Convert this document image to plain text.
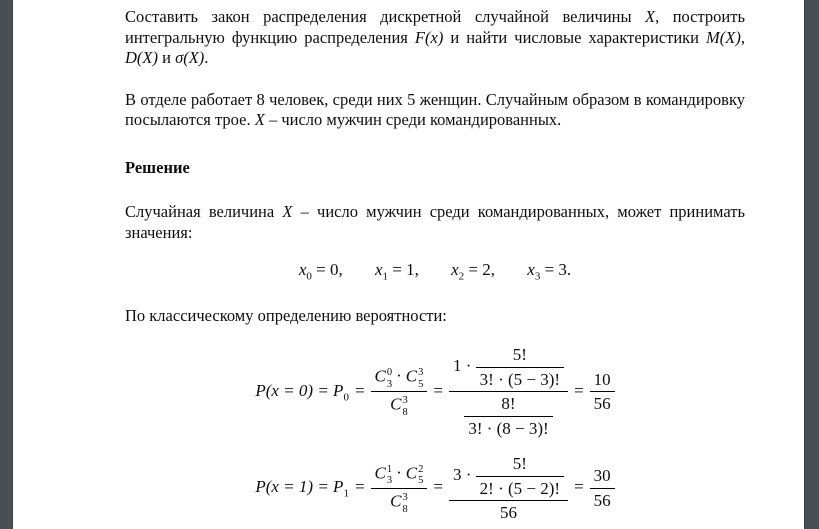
Составить закон распределения дискретной случайной величины X, построить интегральную функцию распределения F(x) и найти числовые характеристики M(X), D(X) и σ(X).

В отделе работает 8 человек, среди них 5 женщин. Случайным образом в командировку посылаются трое. X – число мужчин среди командированных.

Решение

Случайная величина X – число мужчин среди командированных, может принимать значения:

$x_0 = 0$, $x_1 = 1$, $x_2 = 2$, $x_3 = 3$.

По классическому определению вероятности:

$P(x = 0) = P_0 = C$ 0
3 · C 3
5
C 3
$8 = \frac{1 \cdot \frac{5!}{3! \cdot (5 - 3)!}}{\frac{8!}{3! \cdot (8 - 3)!}} = \frac{10}{56}$
$P(x = 1) = P_1 = C$ 1
3 · C 2
5
C 3
$8 = \frac{3 \cdot \frac{5!}{2! \cdot (5 - 2)!}}{56} = \frac{30}{56}$
